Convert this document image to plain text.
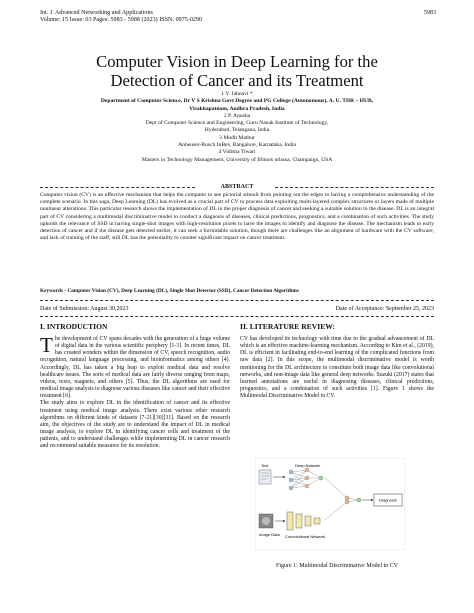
Int. J. Advanced Networking and Applications
Volume: 15 Issue: 03 Pages: 5983 - 5988 (2023) ISSN: 0975-0290
5983
Computer Vision in Deep Learning for the
Detection of Cancer and its Treatment
1 Y. Jahnavi *
Department of Computer Science, Dr V S Krishna Govt Degree and PG College (Autonomous), A. U. TDR – HUB,
Visakhapatnam, Andhra Pradesh, India
2 P. Anusha
Dept of Computer Science and Engineering, Guru Nanak Institute of Technology,
Hyderabad, Telangana, India
3 Mudit Mathur
Anheuser-Busch InBev, Bangalore, Karnataka, India
4 Vidisha Tiwari
Masters in Technology Management, University of Illinois urbana, Champaign, USA
ABSTRACT
Computer vision (CV) is an effective mechanism that helps the computer to see pictorial stimuli from pointing out the edges to having a comprehensive understanding of the complete scenario. In this saga, Deep Learning (DL) has evolved as a crucial part of CV to process data exploiting multi-layered complex structures or layers made of multiple nonlinear alterations. This particular research shows the implementation of DL in the proper diagnosis of cancer and seeking a suitable solution to the disease. DL is an integral part of CV considering a multimodal discriminative model to conduct a diagnosis of diseases, clinical predictions, prognostics, and a combination of such activities. The study upholds the relevance of SSD in having single-shot images with high-resolution pixels to have the images to identify and diagnose the disease. The mechanism leads to early detection of cancer and if the disease gets detected earlier, it can seek a formidable solution, though there are challenges like an alignment of hardware with the CV software, and lack of training of the staff, still DL has the potentiality to counter significant impact on cancer treatment.
Keywords - Computer Vision (CV), Deep Learning (DL), Single Shot Detector (SSD), Cancer Detection Algorithms
Date of Submission: August 30,2023	Date of Acceptance: September 25, 2023
I. INTRODUCTION
The development of CV spans decades with the generation of a huge volume of digital data in the various scientific periphery [1-3]. In recent times, DL has created wonders within the dimension of CV, speech recognition, audio recognition, natural language processing, and bioinformatics among others [4]. Accordingly, DL has taken a big leap to exploit medical data and resolve healthcare issues. The sorts of medical data are fairly diverse ranging from maps, videos, texts, magnets, and others [5]. Thus, the DL algorithms are used for medical image analysis to diagnose various diseases like cancer and their effective treatment [6].
The study aims to explore DL in the identification of cancer and its effective treatment using medical image analysis. There exist various other research algorithms on different kinds of datasets [7-21][30][31]. Based on the research aim, the objectives of the study are to understand the impact of DL in medical image analysis, to explore DL in identifying cancer cells and treatment of the patients, and to understand challenges while implementing DL in cancer research and recommend suitable measures for its resolution.
II. LITERATURE REVIEW:
CV has developed its technology with time due to the gradual advancement of DL which is an effective machine-learning mechanism. According to Kim et al., (2019), DL is efficient in facilitating end-to-end learning of the complicated functions from raw data [2]. In this scope, the multimodal discriminative model is worth mentioning for the DL architecture to constitute both image data like convolutional networks, and non-image data like general deep networks. Suzuki (2017) states that learned annotations are useful in diagnosing diseases, clinical predictions, prognostics, and a combination of such activities [1]. Figure 1 shows the Multimodal Discriminative Model in CV.
Text	Deep Network
Diagnosis
Image Data Convolutional Network
Figure 1: Multimodal Discriminative Model in CV
